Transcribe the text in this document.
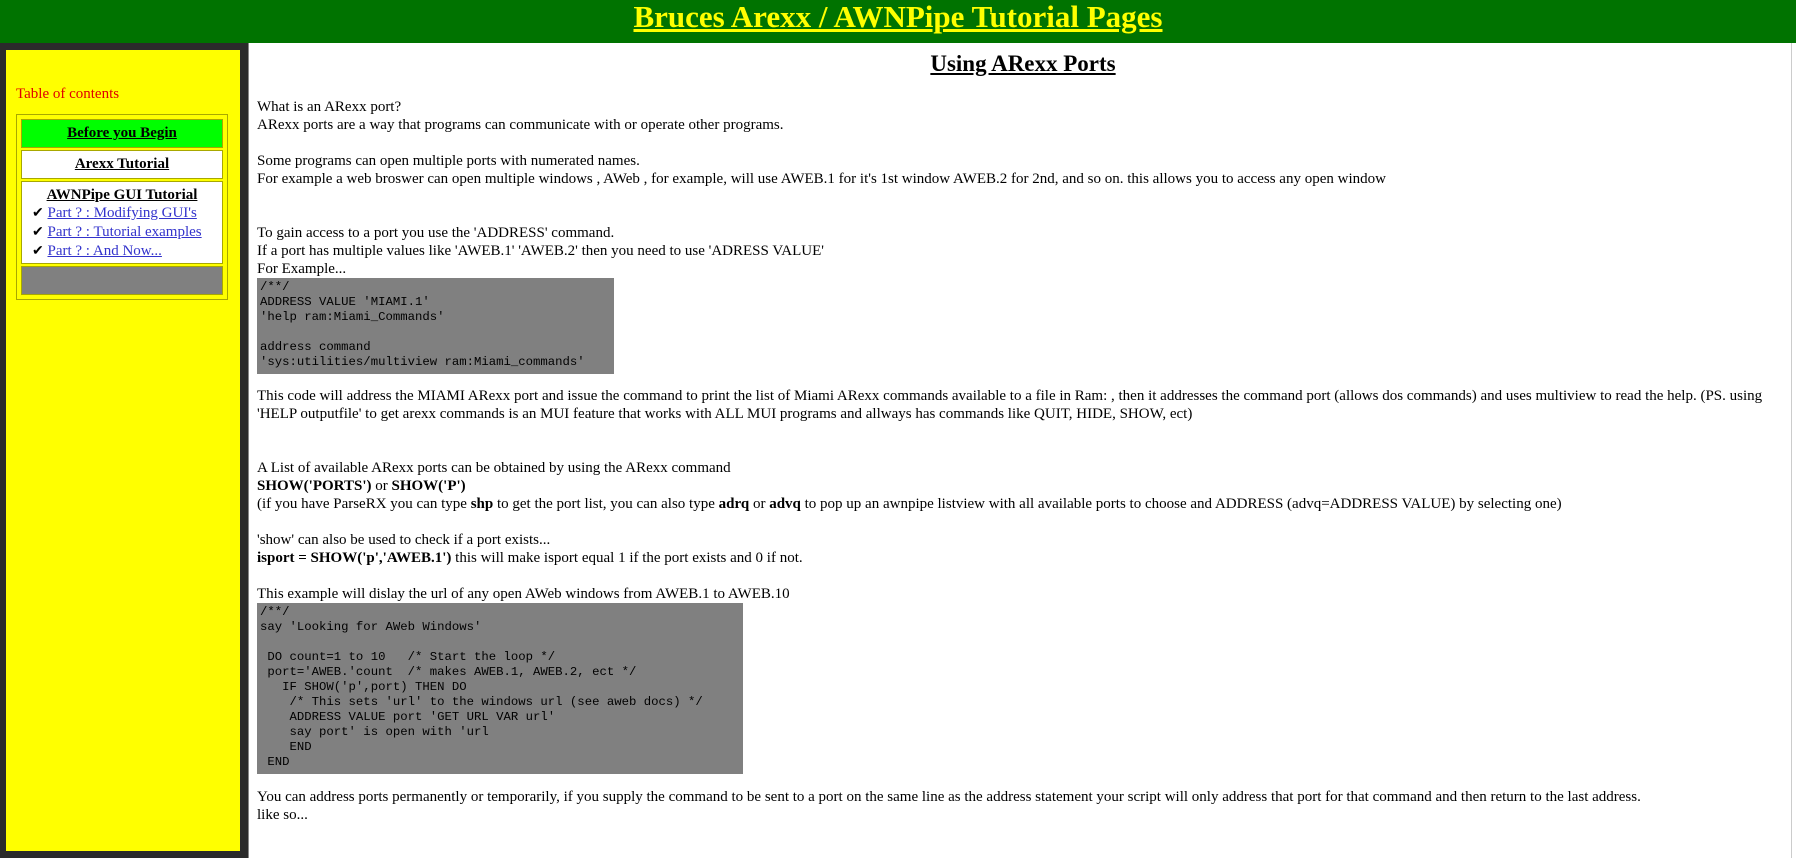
Bruces Arexx / AWNPipe Tutorial Pages
Table of contents
Before you Begin
Arexx Tutorial
AWNPipe GUI Tutorial
✔ Part ? : Modifying GUI's
✔ Part ? : Tutorial examples
✔ Part ? : And Now...
Using ARexx Ports
What is an ARexx port?
ARexx ports are a way that programs can communicate with or operate other programs.
Some programs can open multiple ports with numerated names.
For example a web broswer can open multiple windows , AWeb , for example, will use AWEB.1 for it's 1st window AWEB.2 for 2nd, and so on. this allows you to access any open window
To gain access to a port you use the 'ADDRESS' command.
If a port has multiple values like 'AWEB.1' 'AWEB.2' then you need to use 'ADRESS VALUE'
For Example...
/**/
ADDRESS VALUE 'MIAMI.1'
'help ram:Miami_Commands'

address command
'sys:utilities/multiview ram:Miami_commands'
This code will address the MIAMI ARexx port and issue the command to print the list of Miami ARexx commands available to a file in Ram: , then it addresses the command port (allows dos commands) and uses multiview to read the help. (PS. using 'HELP outputfile' to get arexx commands is an MUI feature that works with ALL MUI programs and allways has commands like QUIT, HIDE, SHOW, ect)
A List of available ARexx ports can be obtained by using the ARexx command
SHOW('PORTS') or SHOW('P')
(if you have ParseRX you can type shp to get the port list, you can also type adrq or advq to pop up an awnpipe listview with all available ports to choose and ADDRESS (advq=ADDRESS VALUE) by selecting one)
'show' can also be used to check if a port exists...
isport = SHOW('p','AWEB.1') this will make isport equal 1 if the port exists and 0 if not.
This example will dislay the url of any open AWeb windows from AWEB.1 to AWEB.10
/**/
say 'Looking for AWeb Windows'

DO count=1 to 10   /* Start the loop */
port='AWEB.'count  /* makes AWEB.1, AWEB.2, ect */
IF SHOW('p',port) THEN DO
/* This sets 'url' to the windows url (see aweb docs) */
ADDRESS VALUE port 'GET URL VAR url'
say port' is open with 'url
END
END
You can address ports permanently or temporarily, if you supply the command to be sent to a port on the same line as the address statement your script will only address that port for that command and then return to the last address.
like so...
